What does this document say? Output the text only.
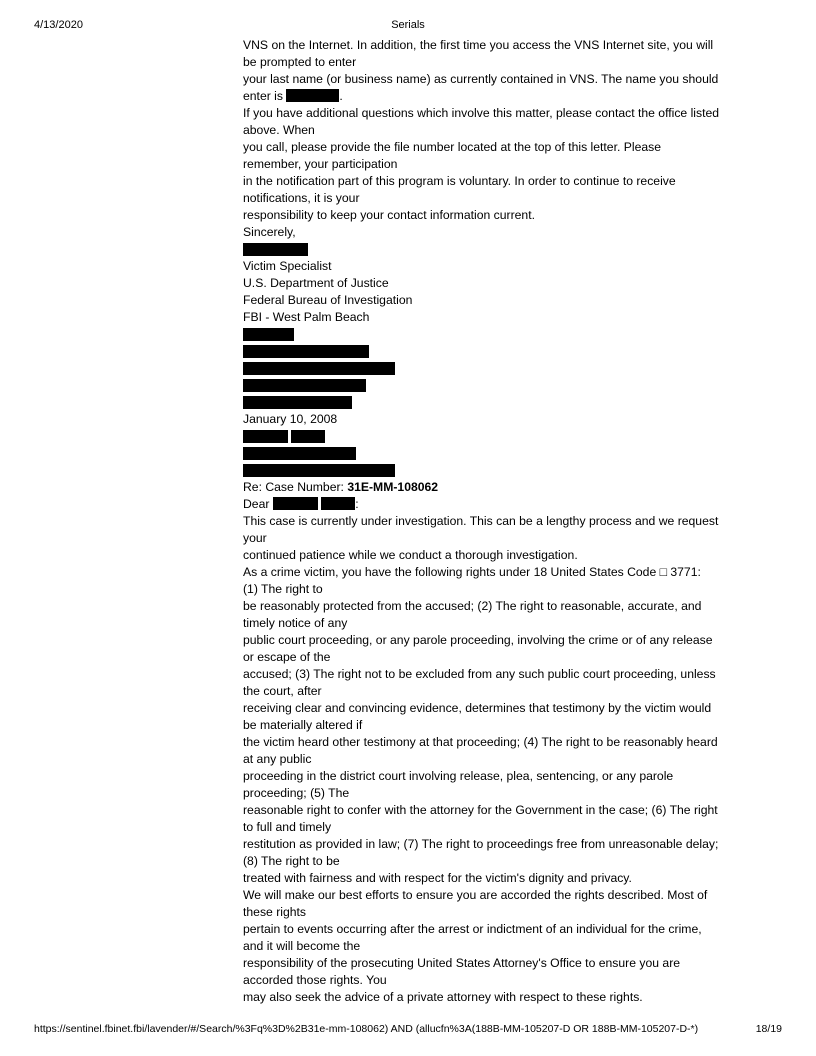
4/13/2020	Serials
VNS on the Internet. In addition, the first time you access the VNS Internet site, you will
be prompted to enter
your last name (or business name) as currently contained in VNS. The name you should
enter is	.
If you have additional questions which involve this matter, please contact the office listed
above. When
you call, please provide the file number located at the top of this letter. Please
remember, your participation
in the notification part of this program is voluntary. In order to continue to receive
notifications, it is your
responsibility to keep your contact information current.
Sincerely,
Victim Specialist
U.S. Department of Justice
Federal Bureau of Investigation
FBI - West Palm Beach
January 10, 2008

Re: Case Number: 31E-MM-108062
Dear	:
This case is currently under investigation. This can be a lengthy process and we request
your
continued patience while we conduct a thorough investigation.
As a crime victim, you have the following rights under 18 United States Code □ 3771:
(1) The right to
be reasonably protected from the accused; (2) The right to reasonable, accurate, and
timely notice of any
public court proceeding, or any parole proceeding, involving the crime or of any release
or escape of the
accused; (3) The right not to be excluded from any such public court proceeding, unless
the court, after
receiving clear and convincing evidence, determines that testimony by the victim would
be materially altered if
the victim heard other testimony at that proceeding; (4) The right to be reasonably heard
at any public
proceeding in the district court involving release, plea, sentencing, or any parole
proceeding; (5) The
reasonable right to confer with the attorney for the Government in the case; (6) The right
to full and timely
restitution as provided in law; (7) The right to proceedings free from unreasonable delay;
(8) The right to be
treated with fairness and with respect for the victim's dignity and privacy.
We will make our best efforts to ensure you are accorded the rights described. Most of
these rights
pertain to events occurring after the arrest or indictment of an individual for the crime,
and it will become the
responsibility of the prosecuting United States Attorney's Office to ensure you are
accorded those rights. You
may also seek the advice of a private attorney with respect to these rights.
https://sentinel.fbinet.fbi/lavender/#/Search/%3Fq%3D%2B31e-mm-108062) AND (allucfn%3A(188B-MM-105207-D OR 188B-MM-105207-D-*)	18/19
